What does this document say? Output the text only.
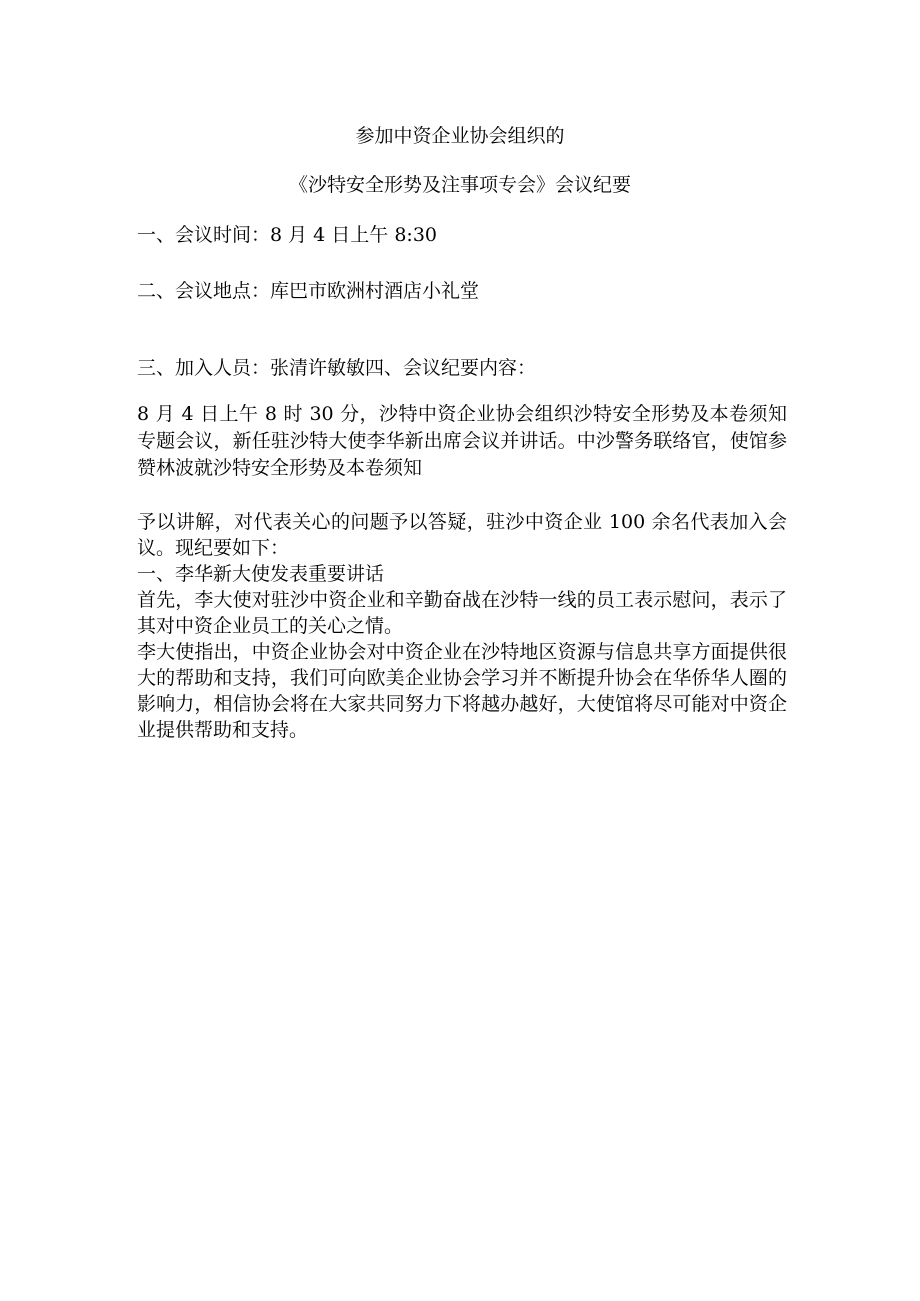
参加中资企业协会组织的
《沙特安全形势及注事项专会》会议纪要
一、会议时间：8 月 4 日上午 8:30
二、会议地点：库巴市欧洲村酒店小礼堂
三、加入人员：张清许敏敏四、会议纪要内容：
8 月 4 日上午 8 时 30 分，沙特中资企业协会组织沙特安全形势及本卷须知专题会议，新任驻沙特大使李华新出席会议并讲话。中沙警务联络官，使馆参赞林波就沙特安全形势及本卷须知

予以讲解，对代表关心的问题予以答疑，驻沙中资企业 100 余名代表加入会议。现纪要如下：

一、李华新大使发表重要讲话

首先，李大使对驻沙中资企业和辛勤奋战在沙特一线的员工表示慰问，表示了其对中资企业员工的关心之情。

李大使指出，中资企业协会对中资企业在沙特地区资源与信息共享方面提供很大的帮助和支持，我们可向欧美企业协会学习并不断提升协会在华侨华人圈的影响力，相信协会将在大家共同努力下将越办越好，大使馆将尽可能对中资企业提供帮助和支持。
